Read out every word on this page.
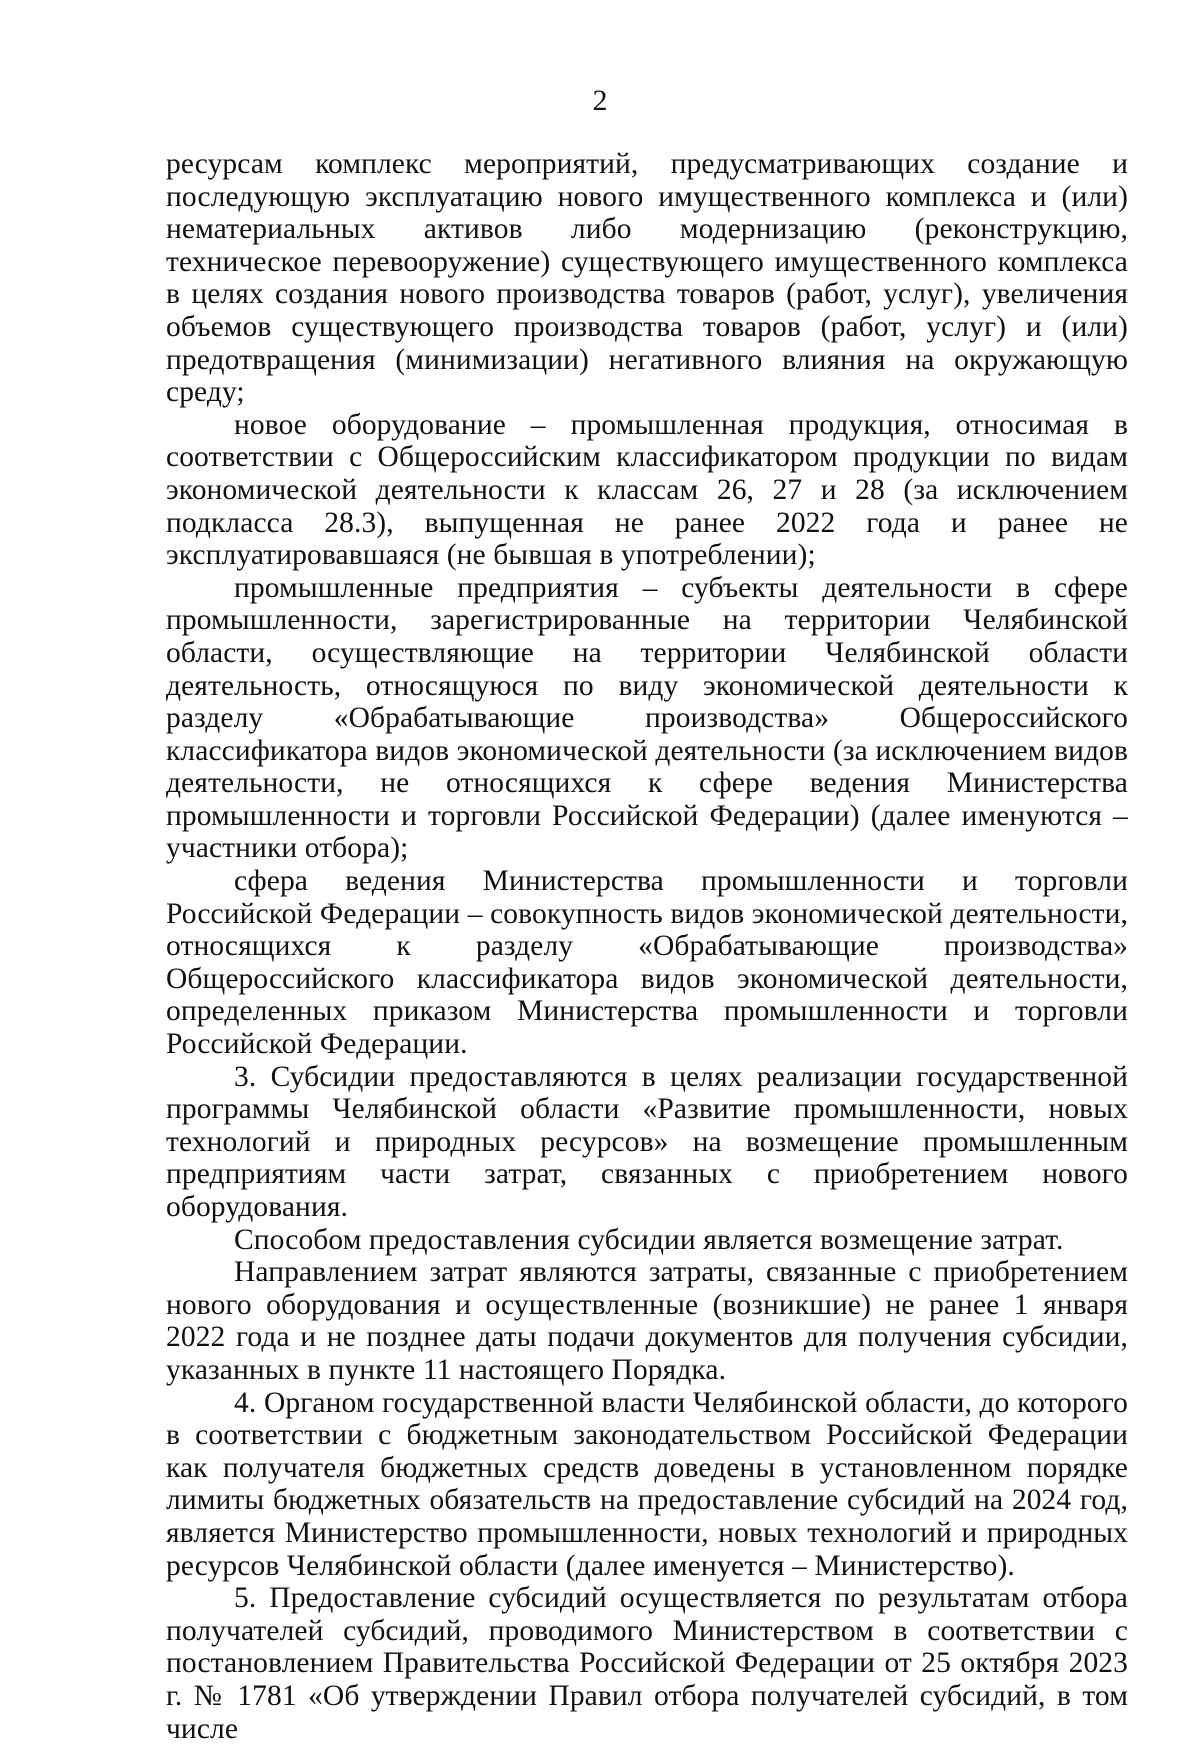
2

ресурсам комплекс мероприятий, предусматривающих создание и последующую эксплуатацию нового имущественного комплекса и (или) нематериальных активов либо модернизацию (реконструкцию, техническое перевооружение) существующего имущественного комплекса в целях создания нового производства товаров (работ, услуг), увеличения объемов существующего производства товаров (работ, услуг) и (или) предотвращения (минимизации) негативного влияния на окружающую среду;

новое оборудование – промышленная продукция, относимая в соответствии с Общероссийским классификатором продукции по видам экономической деятельности к классам 26, 27 и 28 (за исключением подкласса 28.3), выпущенная не ранее 2022 года и ранее не эксплуатировавшаяся (не бывшая в употреблении);

промышленные предприятия – субъекты деятельности в сфере промышленности, зарегистрированные на территории Челябинской области, осуществляющие на территории Челябинской области деятельность, относящуюся по виду экономической деятельности к разделу «Обрабатывающие производства» Общероссийского классификатора видов экономической деятельности (за исключением видов деятельности, не относящихся к сфере ведения Министерства промышленности и торговли Российской Федерации) (далее именуются – участники отбора);

сфера ведения Министерства промышленности и торговли Российской Федерации – совокупность видов экономической деятельности, относящихся к разделу «Обрабатывающие производства» Общероссийского классификатора видов экономической деятельности, определенных приказом Министерства промышленности и торговли Российской Федерации.

3. Субсидии предоставляются в целях реализации государственной программы Челябинской области «Развитие промышленности, новых технологий и природных ресурсов» на возмещение промышленным предприятиям части затрат, связанных с приобретением нового оборудования.

Способом предоставления субсидии является возмещение затрат.

Направлением затрат являются затраты, связанные с приобретением нового оборудования и осуществленные (возникшие) не ранее 1 января 2022 года и не позднее даты подачи документов для получения субсидии, указанных в пункте 11 настоящего Порядка.

4. Органом государственной власти Челябинской области, до которого в соответствии с бюджетным законодательством Российской Федерации как получателя бюджетных средств доведены в установленном порядке лимиты бюджетных обязательств на предоставление субсидий на 2024 год, является Министерство промышленности, новых технологий и природных ресурсов Челябинской области (далее именуется – Министерство).

5. Предоставление субсидий осуществляется по результатам отбора получателей субсидий, проводимого Министерством в соответствии с постановлением Правительства Российской Федерации от 25 октября 2023 г. № 1781 «Об утверждении Правил отбора получателей субсидий, в том числе
